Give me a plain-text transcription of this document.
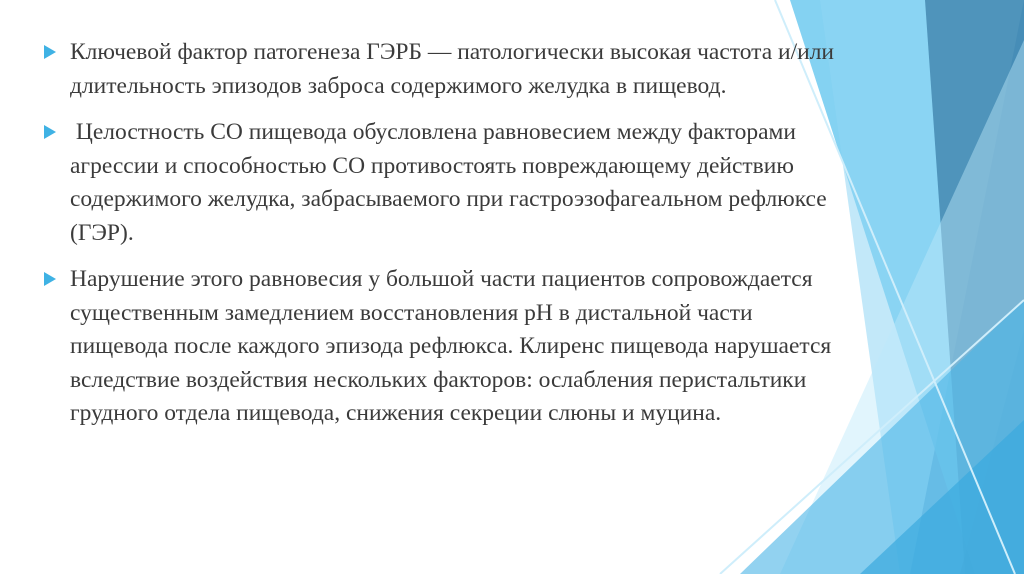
Ключевой фактор патогенеза ГЭРБ — патологически высокая частота и/или длительность эпизодов заброса содержимого желудка в пищевод.
Целостность СО пищевода обусловлена равновесием между факторами агрессии и способностью СО противостоять повреждающему действию содержимого желудка, забрасываемого при гастроэзофагеальном рефлюксе (ГЭР).
Нарушение этого равновесия у большой части пациентов сопровождается существенным замедлением восстановления рН в дистальной части пищевода после каждого эпизода рефлюкса. Клиренс пищевода нарушается вследствие воздействия нескольких факторов: ослабления перистальтики грудного отдела пищевода, снижения секреции слюны и муцина.
